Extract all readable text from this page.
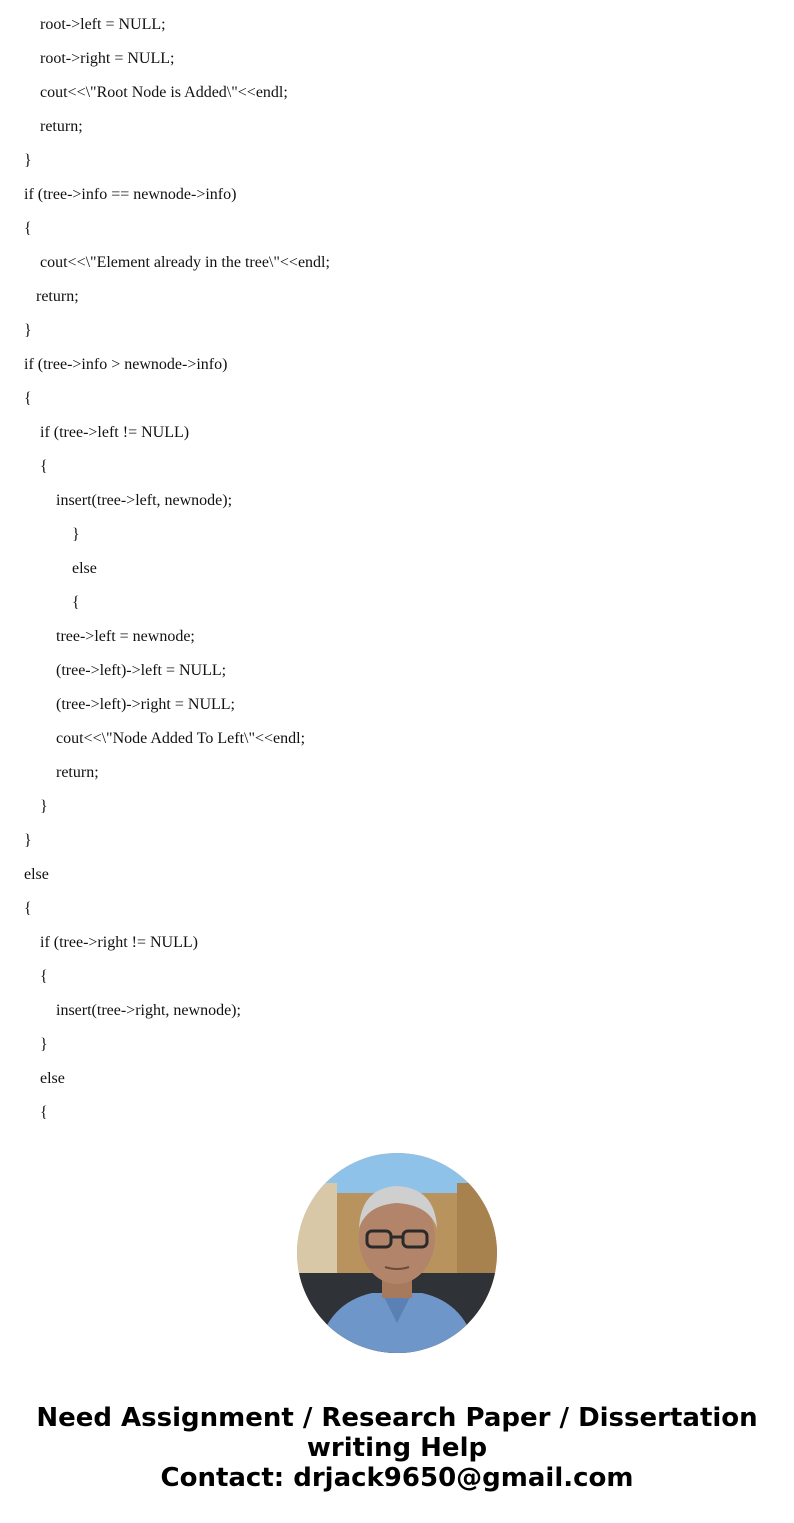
root->left = NULL;
root->right = NULL;
cout<<\"Root Node is Added\"<<endl;
return;
}
if (tree->info == newnode->info)
{
cout<<\"Element already in the tree\"<<endl;
return;
}
if (tree->info > newnode->info)
{
if (tree->left != NULL)
{
insert(tree->left, newnode);
}
else
{
tree->left = newnode;
(tree->left)->left = NULL;
(tree->left)->right = NULL;
cout<<\"Node Added To Left\"<<endl;
return;
}
}
else
{
if (tree->right != NULL)
{
insert(tree->right, newnode);
}
else
{
Need Assignment / Research Paper / Dissertation
writing Help
Contact: drjack9650@gmail.com
